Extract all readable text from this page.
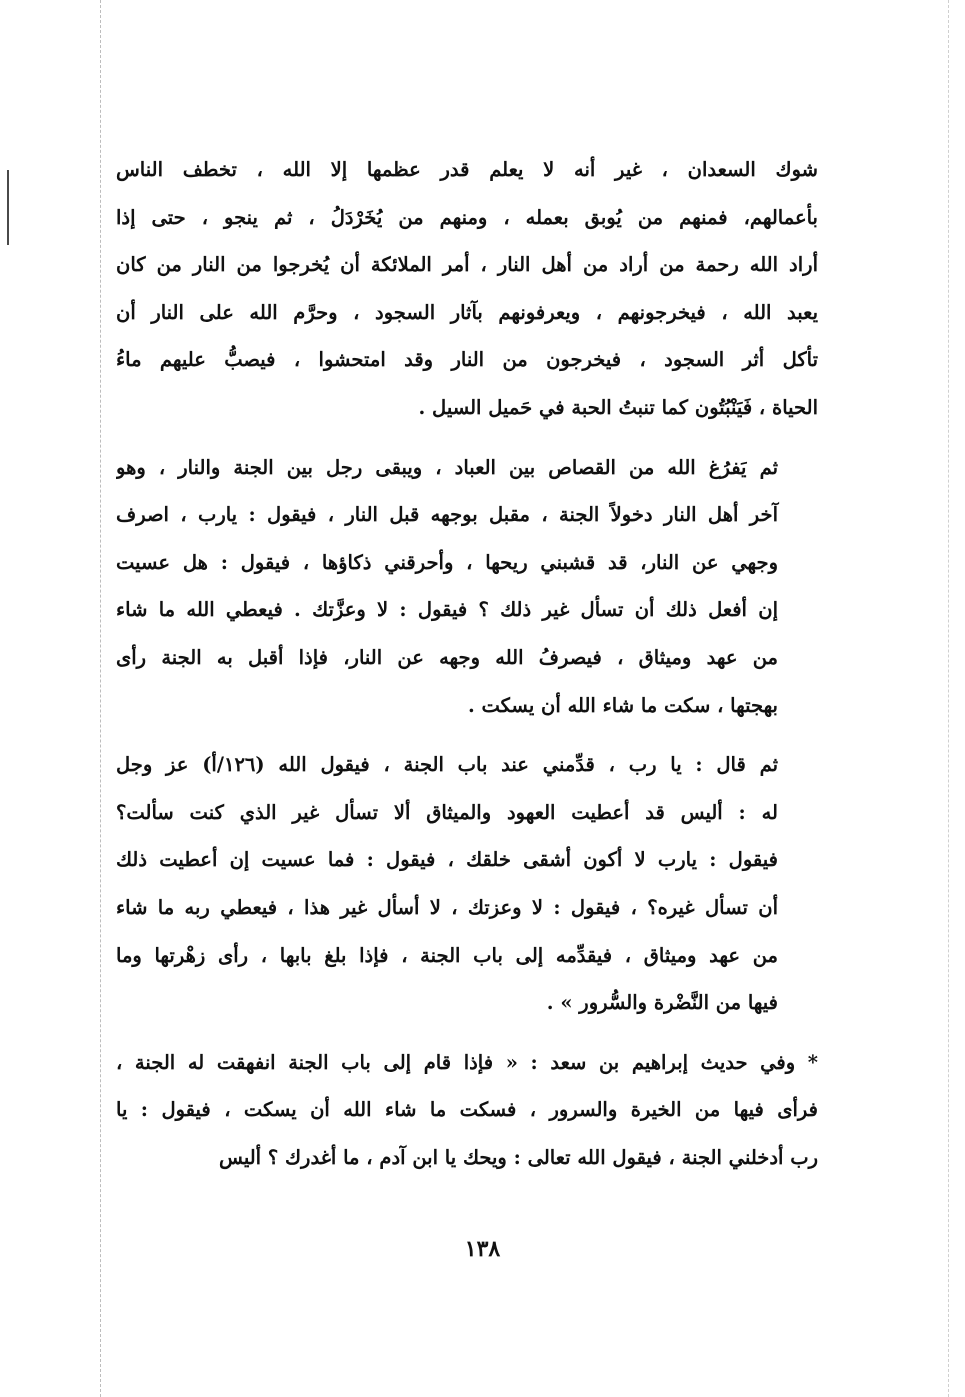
شوك السعدان ، غير أنه لا يعلم قدر عظمها إلا الله ، تخطف الناس
بأعمالهم، فمنهم من يُوبق بعمله ، ومنهم من يُخَرْدَلُ ، ثم ينجو ، حتى إذا
أراد الله رحمة من أراد من أهل النار ، أمر الملائكة أن يُخرجوا من النار من كان
يعبد الله ، فيخرجونهم ، ويعرفونهم بآثار السجود ، وحرَّم الله على النار أن
تأكل أثر السجود ، فيخرجون من النار وقد امتحشوا ، فيصبُّ عليهم ماءُ
الحياة ، فَيَنْبُتُون كما تنبتُ الحبة في حَميل السيل .
ثم يَفرُغ الله من القصاص بين العباد ، ويبقى رجل بين الجنة والنار ، وهو
آخر أهل النار دخولاً الجنة ، مقبل بوجهه قبل النار ، فيقول : يارب ، اصرف
وجهي عن النار، قد قشبني ريحها ، وأحرقني ذكاؤها ، فيقول : هل عسيت
إن أفعل ذلك أن تسأل غير ذلك ؟ فيقول : لا وعزَّتك . فيعطي الله ما شاء
من عهد وميثاق ، فيصرفُ الله وجهه عن النار، فإذا أقبل به الجنة رأى
بهجتها ، سكت ما شاء الله أن يسكت .
ثم قال : يا رب ، قدِّمني عند باب الجنة ، فيقول الله (١٢٦/أ) عز وجل
له : أليس قد أعطيت العهود والميثاق ألا تسأل غير الذي كنت سألت؟
فيقول : يارب لا أكون أشقى خلقك ، فيقول : فما عسيت إن أعطيت ذلك
أن تسأل غيره؟ ، فيقول : لا وعزتك ، لا أسأل غير هذا ، فيعطي ربه ما شاء
من عهد وميثاق ، فيقدِّمه إلى باب الجنة ، فإذا بلغ بابها ، رأى زهْرتها وما
فيها من النَّضْرة والسُّرور » .
* وفي حديث إبراهيم بن سعد : « فإذا قام إلى باب الجنة انفهقت له الجنة ،
فرأى فيها من الخيرة والسرور ، فسكت ما شاء الله أن يسكت ، فيقول : يا
رب أدخلني الجنة ، فيقول الله تعالى : ويحك يا ابن آدم ، ما أغدرك ؟ أليس
١٣٨
